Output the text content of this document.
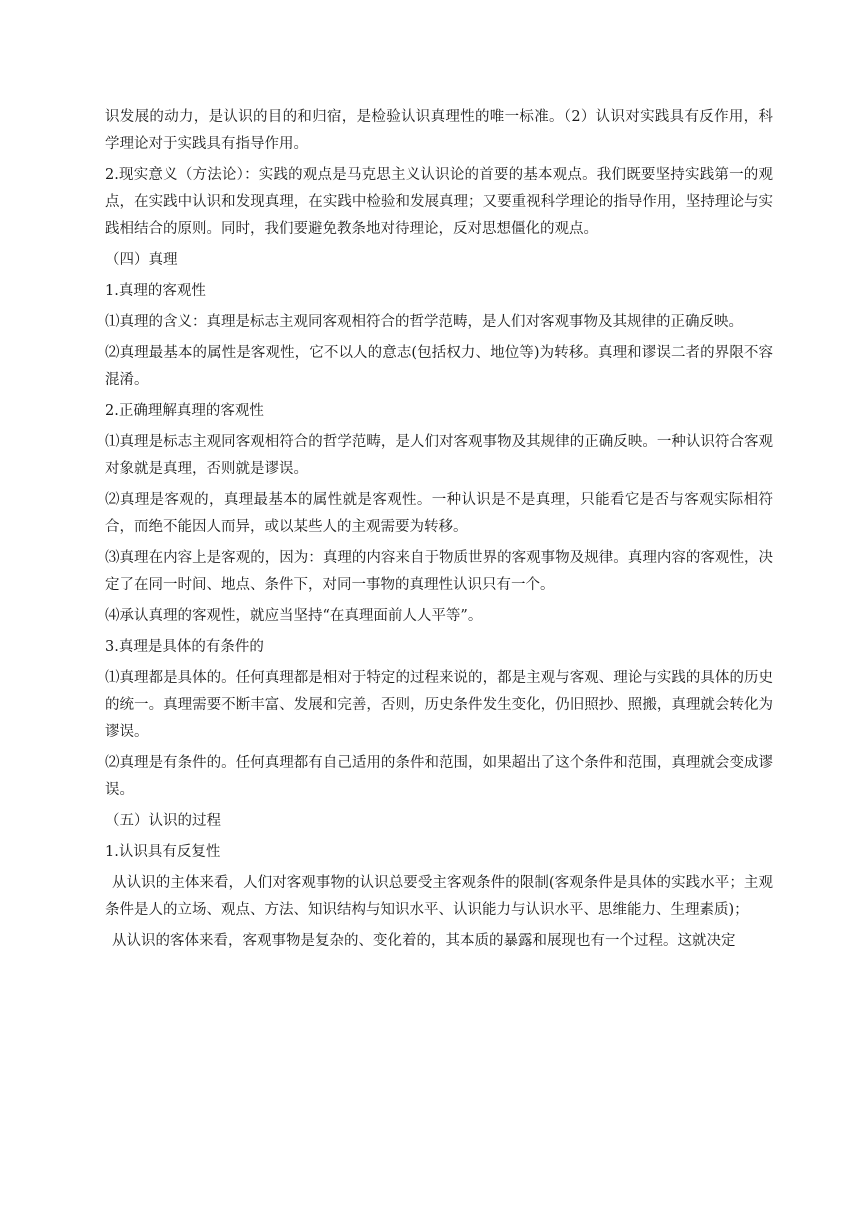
识发展的动力，是认识的目的和归宿，是检验认识真理性的唯一标准。（2）认识对实践具有反作用，科学理论对于实践具有指导作用。

2.现实意义（方法论）：实践的观点是马克思主义认识论的首要的基本观点。我们既要坚持实践第一的观点，在实践中认识和发现真理，在实践中检验和发展真理；又要重视科学理论的指导作用，坚持理论与实践相结合的原则。同时，我们要避免教条地对待理论，反对思想僵化的观点。

（四）真理

1.真理的客观性

⑴真理的含义：真理是标志主观同客观相符合的哲学范畴，是人们对客观事物及其规律的正确反映。

⑵真理最基本的属性是客观性，它不以人的意志(包括权力、地位等)为转移。真理和谬误二者的界限不容混淆。

2.正确理解真理的客观性

⑴真理是标志主观同客观相符合的哲学范畴，是人们对客观事物及其规律的正确反映。一种认识符合客观对象就是真理，否则就是谬误。

⑵真理是客观的，真理最基本的属性就是客观性。一种认识是不是真理，只能看它是否与客观实际相符合，而绝不能因人而异，或以某些人的主观需要为转移。

⑶真理在内容上是客观的，因为：真理的内容来自于物质世界的客观事物及规律。真理内容的客观性，决定了在同一时间、地点、条件下，对同一事物的真理性认识只有一个。

⑷承认真理的客观性，就应当坚持“在真理面前人人平等”。

3.真理是具体的有条件的

⑴真理都是具体的。任何真理都是相对于特定的过程来说的，都是主观与客观、理论与实践的具体的历史的统一。真理需要不断丰富、发展和完善，否则，历史条件发生变化，仍旧照抄、照搬，真理就会转化为谬误。

⑵真理是有条件的。任何真理都有自己适用的条件和范围，如果超出了这个条件和范围，真理就会变成谬误。

（五）认识的过程

1.认识具有反复性

从认识的主体来看，人们对客观事物的认识总要受主客观条件的限制(客观条件是具体的实践水平；主观条件是人的立场、观点、方法、知识结构与知识水平、认识能力与认识水平、思维能力、生理素质)；

从认识的客体来看，客观事物是复杂的、变化着的，其本质的暴露和展现也有一个过程。这就决定
